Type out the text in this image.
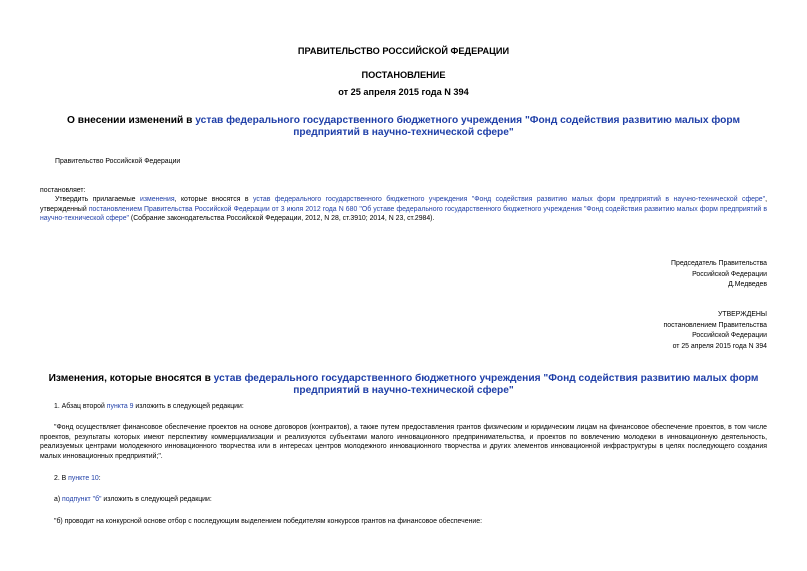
ПРАВИТЕЛЬСТВО РОССИЙСКОЙ ФЕДЕРАЦИИ
ПОСТАНОВЛЕНИЕ
от 25 апреля 2015 года N 394
О внесении изменений в устав федерального государственного бюджетного учреждения "Фонд содействия развитию малых форм предприятий в научно-технической сфере"
Правительство Российской Федерации
постановляет:
Утвердить прилагаемые изменения, которые вносятся в устав федерального государственного бюджетного учреждения "Фонд содействия развитию малых форм предприятий в научно-технической сфере", утвержденный постановлением Правительства Российской Федерации от 3 июля 2012 года N 680 "Об уставе федерального государственного бюджетного учреждения "Фонд содействия развитию малых форм предприятий в научно-технической сфере" (Собрание законодательства Российской Федерации, 2012, N 28, ст.3910; 2014, N 23, ст.2984).
Председатель Правительства
Российской Федерации
Д.Медведев
УТВЕРЖДЕНЫ
постановлением Правительства
Российской Федерации
от 25 апреля 2015 года N 394
Изменения, которые вносятся в устав федерального государственного бюджетного учреждения "Фонд содействия развитию малых форм предприятий в научно-технической сфере"
1. Абзац второй пункта 9 изложить в следующей редакции:
"Фонд осуществляет финансовое обеспечение проектов на основе договоров (контрактов), а также путем предоставления грантов физическим и юридическим лицам на финансовое обеспечение проектов, в том числе проектов, результаты которых имеют перспективу коммерциализации и реализуются субъектами малого инновационного предпринимательства, и проектов по вовлечению молодежи в инновационную деятельность, реализуемых центрами молодежного инновационного творчества или в интересах центров молодежного инновационного творчества и других элементов инновационной инфраструктуры в целях последующего создания малых инновационных предприятий;".
2. В пункте 10:
а) подпункт "б" изложить в следующей редакции:
"б) проводит на конкурсной основе отбор с последующим выделением победителям конкурсов грантов на финансовое обеспечение:
